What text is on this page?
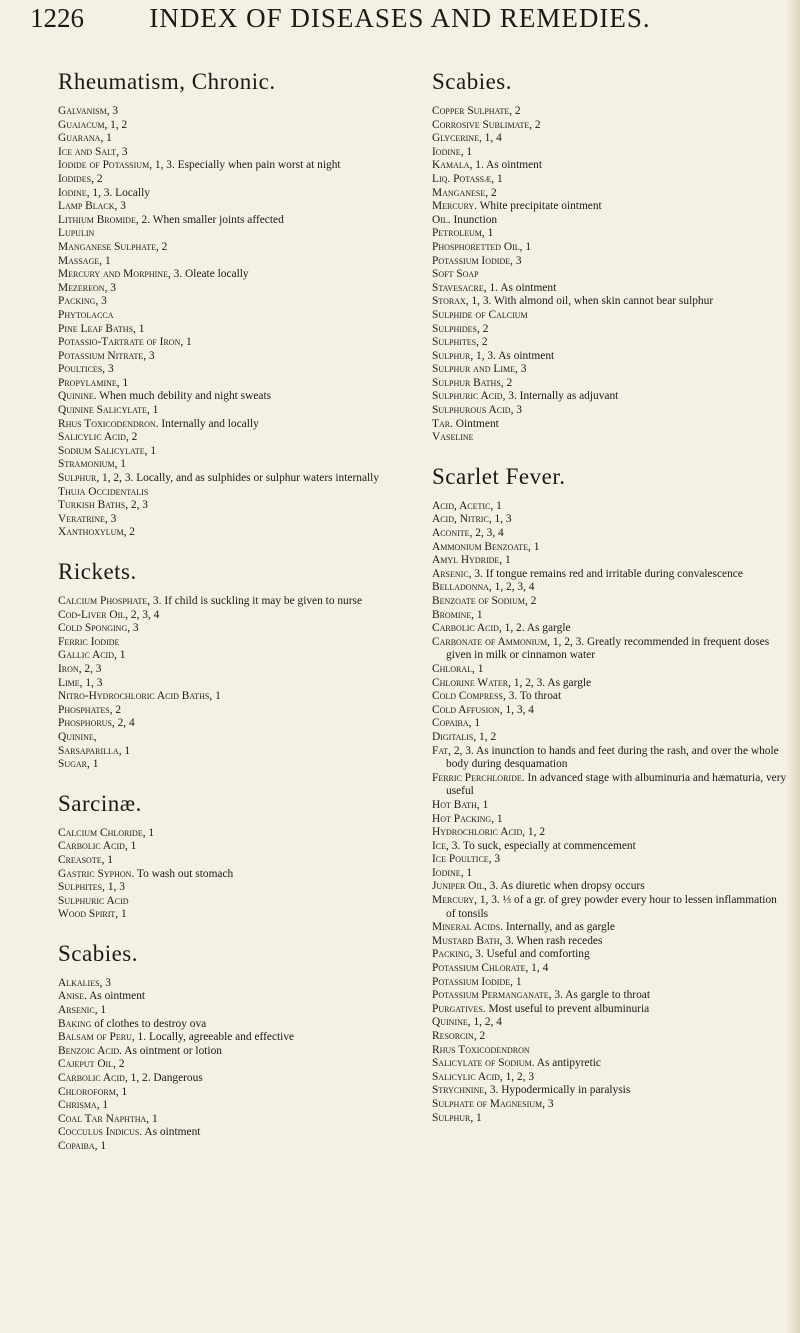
1226	INDEX OF DISEASES AND REMEDIES.
Rheumatism, Chronic.
Galvanism, 3
Guaiacum, 1, 2
Guarana, 1
Ice and Salt, 3
Iodide of Potassium, 1, 3. Especially when pain worst at night
Iodides, 2
Iodine, 1, 3. Locally
Lamp Black, 3
Lithium Bromide, 2. When smaller joints affected
Lupulin
Manganese Sulphate, 2
Massage, 1
Mercury and Morphine, 3. Oleate locally
Mezereon, 3
Packing, 3
Phytolacca
Pine Leaf Baths, 1
Potassio-Tartrate of Iron, 1
Potassium Nitrate, 3
Poultices, 3
Propylamine, 1
Quinine. When much debility and night sweats
Quinine Salicylate, 1
Rhus Toxicodendron. Internally and locally
Salicylic Acid, 2
Sodium Salicylate, 1
Stramonium, 1
Sulphur, 1, 2, 3. Locally, and as sulphides or sulphur waters internally
Thuja Occidentalis
Turkish Baths, 2, 3
Veratrine, 3
Xanthoxylum, 2
Rickets.
Calcium Phosphate, 3. If child is suckling it may be given to nurse
Cod-Liver Oil, 2, 3, 4
Cold Sponging, 3
Ferric Iodide
Gallic Acid, 1
Iron, 2, 3
Lime, 1, 3
Nitro-Hydrochloric Acid Baths, 1
Phosphates, 2
Phosphorus, 2, 4
Quinine,
Sarsaparilla, 1
Sugar, 1
Sarcinæ.
Calcium Chloride, 1
Carbolic Acid, 1
Creasote, 1
Gastric Syphon. To wash out stomach
Sulphites, 1, 3
Sulphuric Acid
Wood Spirit, 1
Scabies.
Alkalies, 3
Anise. As ointment
Arsenic, 1
Baking of clothes to destroy ova
Balsam of Peru, 1. Locally, agreeable and effective
Benzoic Acid. As ointment or lotion
Cajeput Oil, 2
Carbolic Acid, 1, 2. Dangerous
Chloroform, 1
Chrisma, 1
Coal Tar Naphtha, 1
Cocculus Indicus. As ointment
Copaiba, 1
Scabies.
Copper Sulphate, 2
Corrosive Sublimate, 2
Glycerine, 1, 4
Iodine, 1
Kamala, 1. As ointment
Liq. Potassæ, 1
Manganese, 2
Mercury. White precipitate ointment
Oil. Inunction
Petroleum, 1
Phosphoretted Oil, 1
Potassium Iodide, 3
Soft Soap
Stavesacre, 1. As ointment
Storax, 1, 3. With almond oil, when skin cannot bear sulphur
Sulphide of Calcium
Sulphides, 2
Sulphites, 2
Sulphur, 1, 3. As ointment
Sulphur and Lime, 3
Sulphur Baths, 2
Sulphuric Acid, 3. Internally as adjuvant
Sulphurous Acid, 3
Tar. Ointment
Vaseline
Scarlet Fever.
Acid, Acetic, 1
Acid, Nitric, 1, 3
Aconite, 2, 3, 4
Ammonium Benzoate, 1
Amyl Hydride, 1
Arsenic, 3. If tongue remains red and irritable during convalescence
Belladonna, 1, 2, 3, 4
Benzoate of Sodium, 2
Bromine, 1
Carbolic Acid, 1, 2. As gargle
Carbonate of Ammonium, 1, 2, 3. Greatly recommended in frequent doses given in milk or cinnamon water
Chloral, 1
Chlorine Water, 1, 2, 3. As gargle
Cold Compress, 3. To throat
Cold Affusion, 1, 3, 4
Copaiba, 1
Digitalis, 1, 2
Fat, 2, 3. As inunction to hands and feet during the rash, and over the whole body during desquamation
Ferric Perchloride. In advanced stage with albuminuria and hæmaturia, very useful
Hot Bath, 1
Hot Packing, 1
Hydrochloric Acid, 1, 2
Ice, 3. To suck, especially at commencement
Ice Poultice, 3
Iodine, 1
Juniper Oil, 3. As diuretic when dropsy occurs
Mercury, 1, 3. ⅓ of a gr. of grey powder every hour to lessen inflammation of tonsils
Mineral Acids. Internally, and as gargle
Mustard Bath, 3. When rash recedes
Packing, 3. Useful and comforting
Potassium Chlorate, 1, 4
Potassium Iodide, 1
Potassium Permanganate, 3. As gargle to throat
Purgatives. Most useful to prevent albuminuria
Quinine, 1, 2, 4
Resorcin, 2
Rhus Toxicodendron
Salicylate of Sodium. As antipyretic
Salicylic Acid, 1, 2, 3
Strychnine, 3. Hypodermically in paralysis
Sulphate of Magnesium, 3
Sulphur, 1
